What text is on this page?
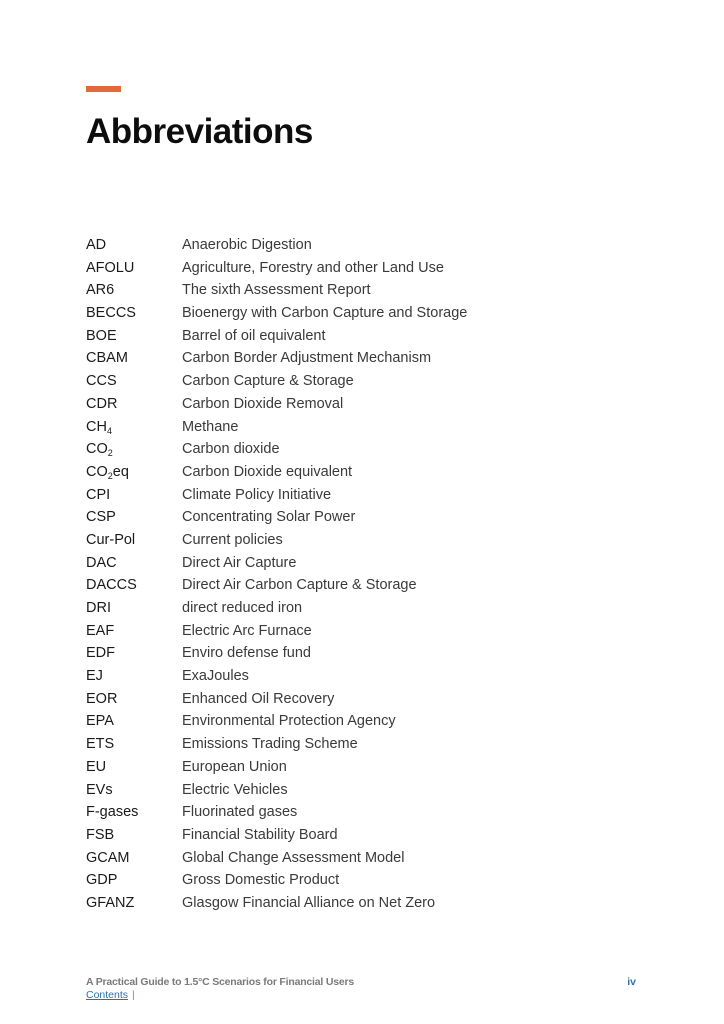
Abbreviations
AD	Anaerobic Digestion
AFOLU	Agriculture, Forestry and other Land Use
AR6	The sixth Assessment Report
BECCS	Bioenergy with Carbon Capture and Storage
BOE	Barrel of oil equivalent
CBAM	Carbon Border Adjustment Mechanism
CCS	Carbon Capture & Storage
CDR	Carbon Dioxide Removal
$CH_4$	Methane
$CO_2$	Carbon dioxide
$CO_2eq$	Carbon Dioxide equivalent
CPI	Climate Policy Initiative
CSP	Concentrating Solar Power
Cur-Pol	Current policies
DAC	Direct Air Capture
DACCS	Direct Air Carbon Capture & Storage
DRI	direct reduced iron
EAF	Electric Arc Furnace
EDF	Enviro defense fund
EJ	ExaJoules
EOR	Enhanced Oil Recovery
EPA	Environmental Protection Agency
ETS	Emissions Trading Scheme
EU	European Union
EVs	Electric Vehicles
F-gases	Fluorinated gases
FSB	Financial Stability Board
GCAM	Global Change Assessment Model
GDP	Gross Domestic Product
GFANZ	Glasgow Financial Alliance on Net Zero
A Practical Guide to 1.5°C Scenarios for Financial Users	iv
Contents |
